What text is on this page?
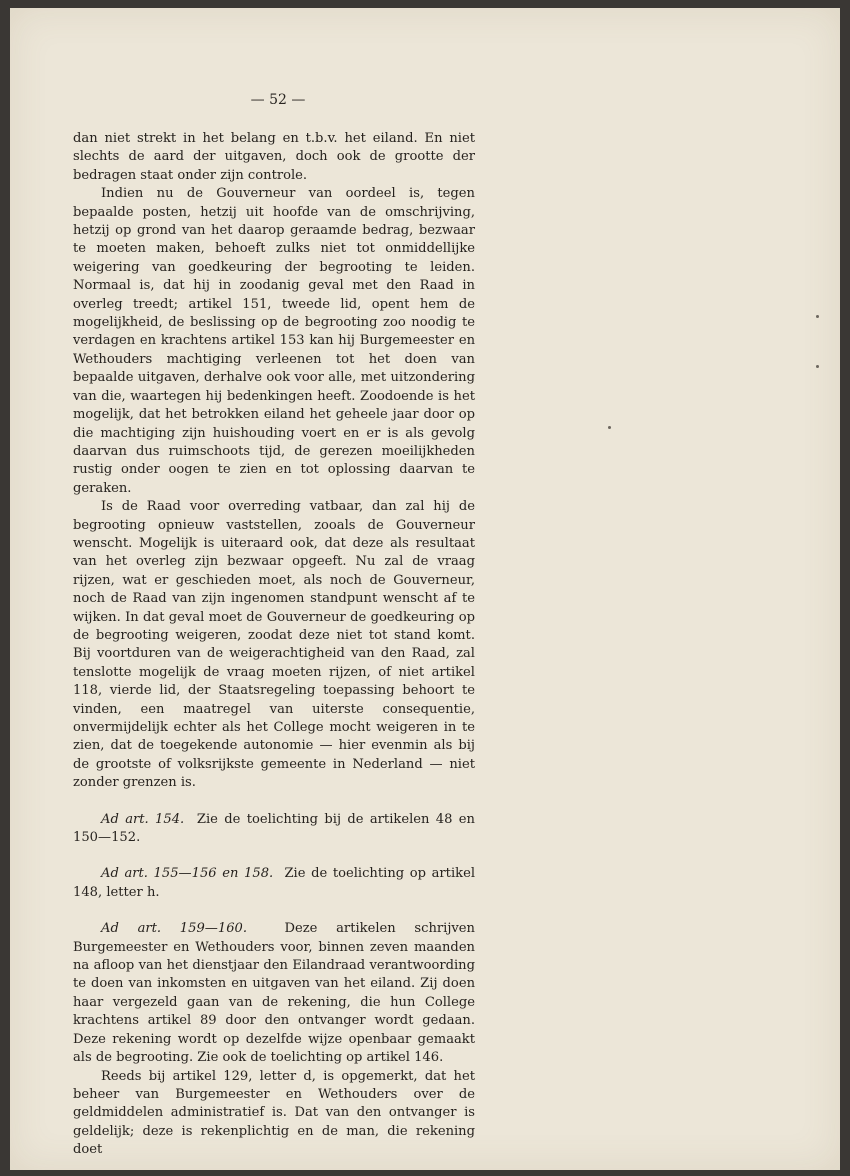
— 52 —

dan niet strekt in het belang en t.b.v. het eiland. En niet slechts de aard der uitgaven, doch ook de grootte der bedragen staat onder zijn controle.

Indien nu de Gouverneur van oordeel is, tegen bepaalde posten, hetzij uit hoofde van de omschrijving, hetzij op grond van het daarop geraamde bedrag, bezwaar te moeten maken, behoeft zulks niet tot onmiddellijke weigering van goedkeuring der begrooting te leiden. Normaal is, dat hij in zoodanig geval met den Raad in overleg treedt; artikel 151, tweede lid, opent hem de mogelijkheid, de beslissing op de begrooting zoo noodig te verdagen en krachtens artikel 153 kan hij Burgemeester en Wethouders machtiging verleenen tot het doen van bepaalde uitgaven, derhalve ook voor alle, met uitzondering van die, waartegen hij bedenkingen heeft. Zoodoende is het mogelijk, dat het betrokken eiland het geheele jaar door op die machtiging zijn huishouding voert en er is als gevolg daarvan dus ruimschoots tijd, de gerezen moeilijkheden rustig onder oogen te zien en tot oplossing daarvan te geraken.

Is de Raad voor overreding vatbaar, dan zal hij de begrooting opnieuw vaststellen, zooals de Gouverneur wenscht. Mogelijk is uiteraard ook, dat deze als resultaat van het overleg zijn bezwaar opgeeft. Nu zal de vraag rijzen, wat er geschieden moet, als noch de Gouverneur, noch de Raad van zijn ingenomen standpunt wenscht af te wijken. In dat geval moet de Gouverneur de goedkeuring op de begrooting weigeren, zoodat deze niet tot stand komt. Bij voortduren van de weigerachtigheid van den Raad, zal tenslotte mogelijk de vraag moeten rijzen, of niet artikel 118, vierde lid, der Staatsregeling toepassing behoort te vinden, een maatregel van uiterste consequentie, onvermijdelijk echter als het College mocht weigeren in te zien, dat de toegekende autonomie — hier evenmin als bij de grootste of volksrijkste gemeente in Nederland — niet zonder grenzen is.

Ad art. 154. Zie de toelichting bij de artikelen 48 en 150—152.

Ad art. 155—156 en 158. Zie de toelichting op artikel 148, letter h.

Ad art. 159—160.	Deze artikelen schrijven Burgemeester en Wethouders voor, binnen zeven maanden na afloop van het dienstjaar den Eilandraad verantwoording te doen van inkomsten en uitgaven van het eiland. Zij doen haar vergezeld gaan van de rekening, die hun College krachtens artikel 89 door den ontvanger wordt gedaan. Deze rekening wordt op dezelfde wijze openbaar gemaakt als de begrooting. Zie ook de toelichting op artikel 146.

Reeds bij artikel 129, letter d, is opgemerkt, dat het beheer van Burgemeester en Wethouders over de geldmiddelen administratief is. Dat van den ontvanger is geldelijk; deze is rekenplichtig en de man, die rekening doet
